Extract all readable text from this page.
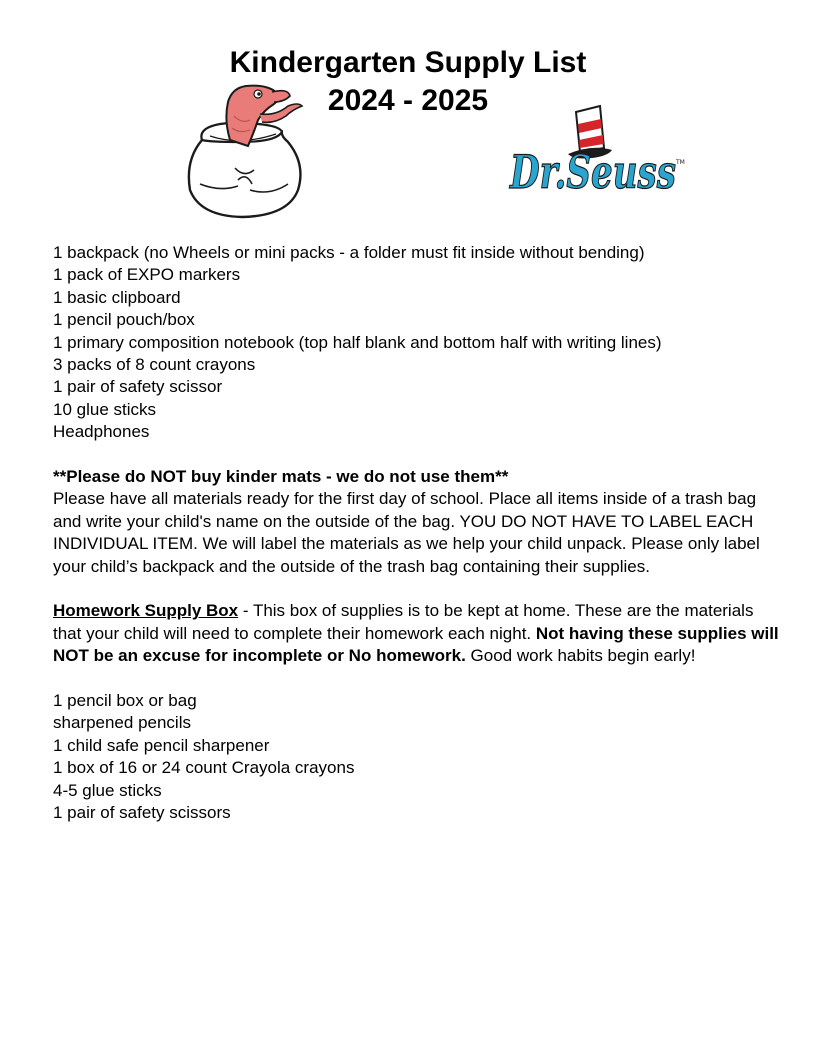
Kindergarten Supply List
2024 - 2025
Dr.Seuss TM
1 backpack (no Wheels or mini packs - a folder must fit inside without bending)
1 pack of EXPO markers
1 basic clipboard
1 pencil pouch/box
1 primary composition notebook (top half blank and bottom half with writing lines)
3 packs of 8 count crayons
1 pair of safety scissor
10 glue sticks
Headphones
**Please do NOT buy kinder mats - we do not use them**
Please have all materials ready for the first day of school. Place all items inside of a trash bag and write your child's name on the outside of the bag. YOU DO NOT HAVE TO LABEL EACH INDIVIDUAL ITEM. We will label the materials as we help your child unpack. Please only label your child’s backpack and the outside of the trash bag containing their supplies.
Homework Supply Box - This box of supplies is to be kept at home. These are the materials that your child will need to complete their homework each night. Not having these supplies will NOT be an excuse for incomplete or No homework. Good work habits begin early!
1 pencil box or bag
sharpened pencils
1 child safe pencil sharpener
1 box of 16 or 24 count Crayola crayons
4-5 glue sticks
1 pair of safety scissors
